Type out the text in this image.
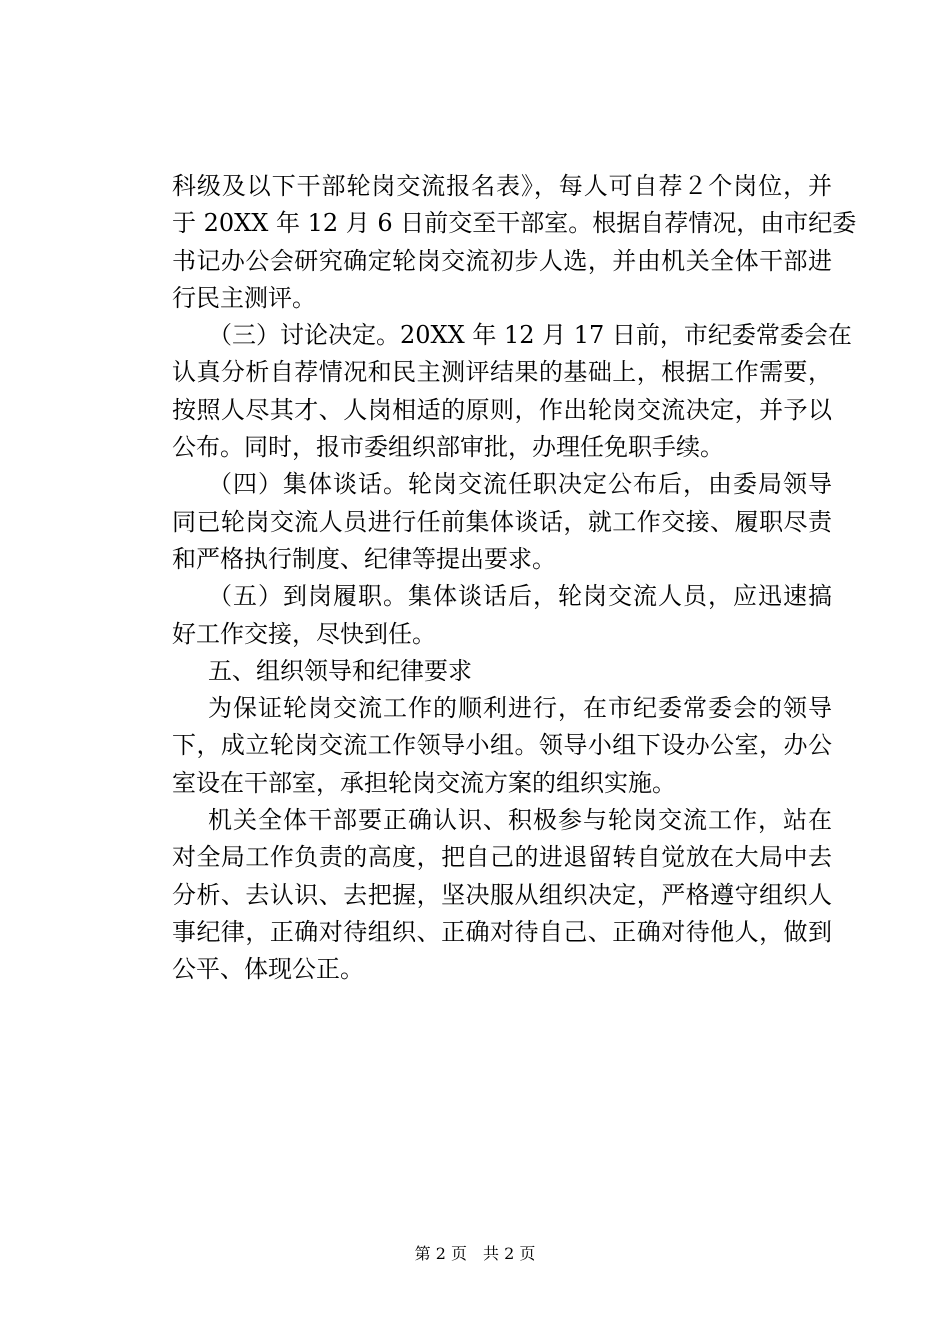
科级及以下干部轮岗交流报名表》，每人可自荐２个岗位，并
于 20XX 年 12 月 6 日前交至干部室。根据自荐情况，由市纪委
书记办公会研究确定轮岗交流初步人选，并由机关全体干部进
行民主测评。
（三）讨论决定。20XX 年 12 月 17 日前，市纪委常委会在
认真分析自荐情况和民主测评结果的基础上，根据工作需要，
按照人尽其才、人岗相适的原则，作出轮岗交流决定，并予以
公布。同时，报市委组织部审批，办理任免职手续。
（四）集体谈话。轮岗交流任职决定公布后，由委局领导
同已轮岗交流人员进行任前集体谈话，就工作交接、履职尽责
和严格执行制度、纪律等提出要求。
（五）到岗履职。集体谈话后，轮岗交流人员，应迅速搞
好工作交接，尽快到任。
五、组织领导和纪律要求
为保证轮岗交流工作的顺利进行，在市纪委常委会的领导
下，成立轮岗交流工作领导小组。领导小组下设办公室，办公
室设在干部室，承担轮岗交流方案的组织实施。
机关全体干部要正确认识、积极参与轮岗交流工作，站在
对全局工作负责的高度，把自己的进退留转自觉放在大局中去
分析、去认识、去把握，坚决服从组织决定，严格遵守组织人
事纪律，正确对待组织、正确对待自己、正确对待他人，做到
公平、体现公正。
第 2 页　共 2 页
